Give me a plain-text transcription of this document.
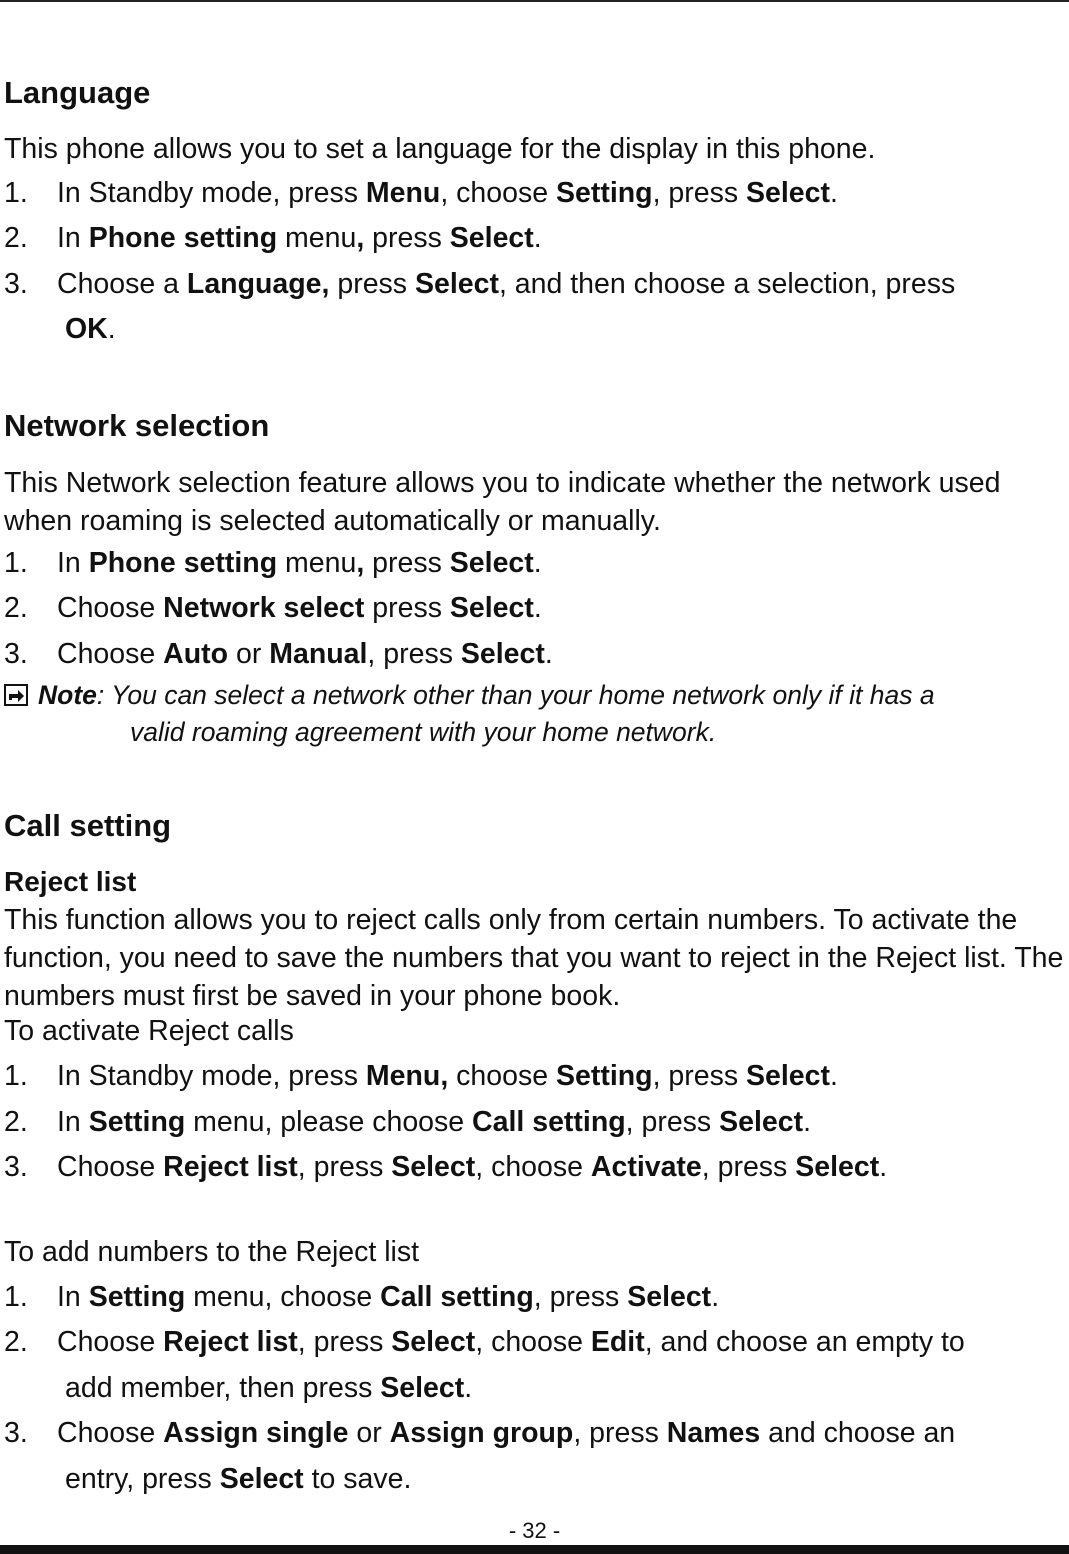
Language
This phone allows you to set a language for the display in this phone.
1. In Standby mode, press Menu, choose Setting, press Select.
2. In Phone setting menu, press Select.
3. Choose a Language, press Select, and then choose a selection, press
OK.
Network selection
This Network selection feature allows you to indicate whether the network used when roaming is selected automatically or manually.
1. In Phone setting menu, press Select.
2. Choose Network select press Select.
3. Choose Auto or Manual, press Select.
Note: You can select a network other than your home network only if it has a
valid roaming agreement with your home network.
Call setting
Reject list
This function allows you to reject calls only from certain numbers. To activate the function, you need to save the numbers that you want to reject in the Reject list. The numbers must first be saved in your phone book.
To activate Reject calls
1. In Standby mode, press Menu, choose Setting, press Select.
2. In Setting menu, please choose Call setting, press Select.
3. Choose Reject list, press Select, choose Activate, press Select.
To add numbers to the Reject list
1. In Setting menu, choose Call setting, press Select.
2. Choose Reject list, press Select, choose Edit, and choose an empty to
add member, then press Select.
3. Choose Assign single or Assign group, press Names and choose an
entry, press Select to save.
- 32 -
